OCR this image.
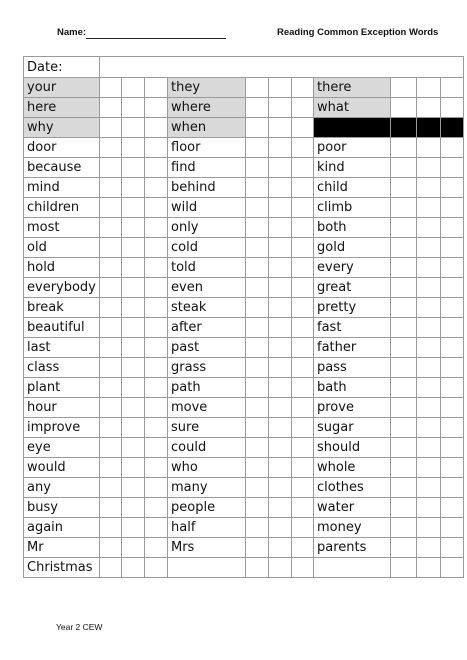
Name:	Reading Common Exception Words
Date:											
your				they				there			
here				where				what			
why				when							
door				floor				poor			
because				find				kind			
mind				behind				child			
children				wild				climb			
most				only				both			
old				cold				gold			
hold				told				every			
everybody				even				great			
break				steak				pretty			
beautiful				after				fast			
last				past				father			
class				grass				pass			
plant				path				bath			
hour				move				prove			
improve				sure				sugar			
eye				could				should			
would				who				whole			
any				many				clothes			
busy				people				water			
again				half				money			
Mr				Mrs				parents			
Christmas											
Year 2 CEW
